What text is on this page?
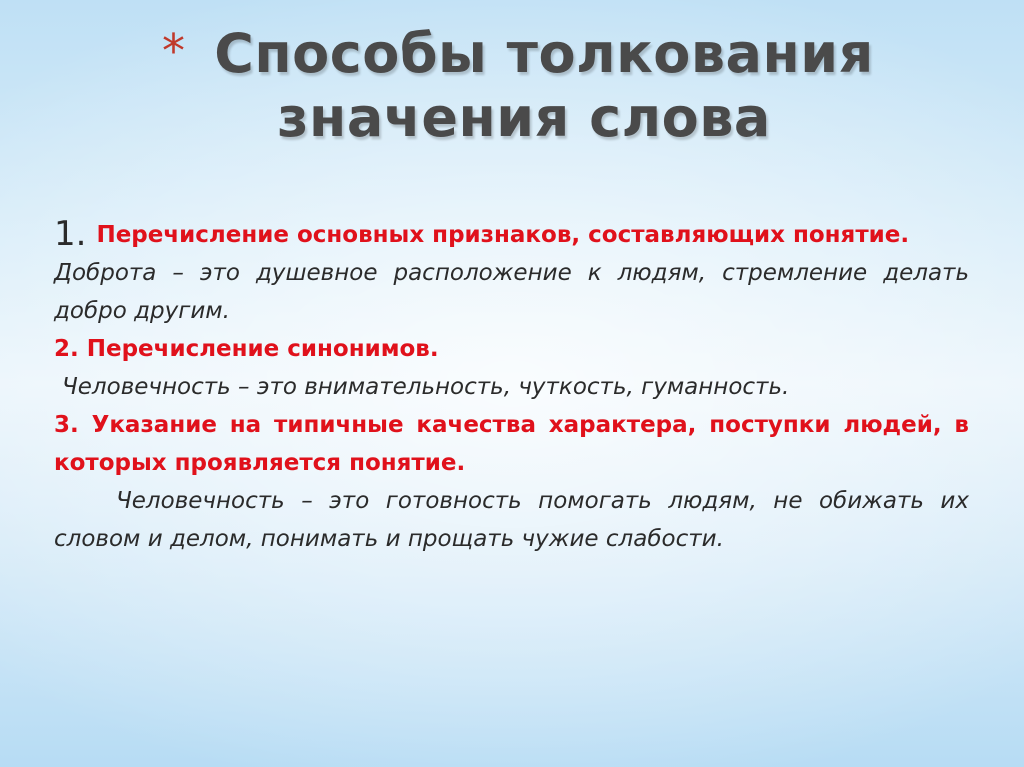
* Способы толкования
значения слова
1. Перечисление основных признаков, составляющих понятие.

Доброта – это душевное расположение к людям, стремление делать добро другим.

2. Перечисление синонимов.

Человечность – это внимательность, чуткость, гуманность.

3. Указание на типичные качества характера, поступки людей, в которых проявляется понятие.

Человечность – это готовность помогать людям, не обижать их словом и делом, понимать и прощать чужие слабости.
